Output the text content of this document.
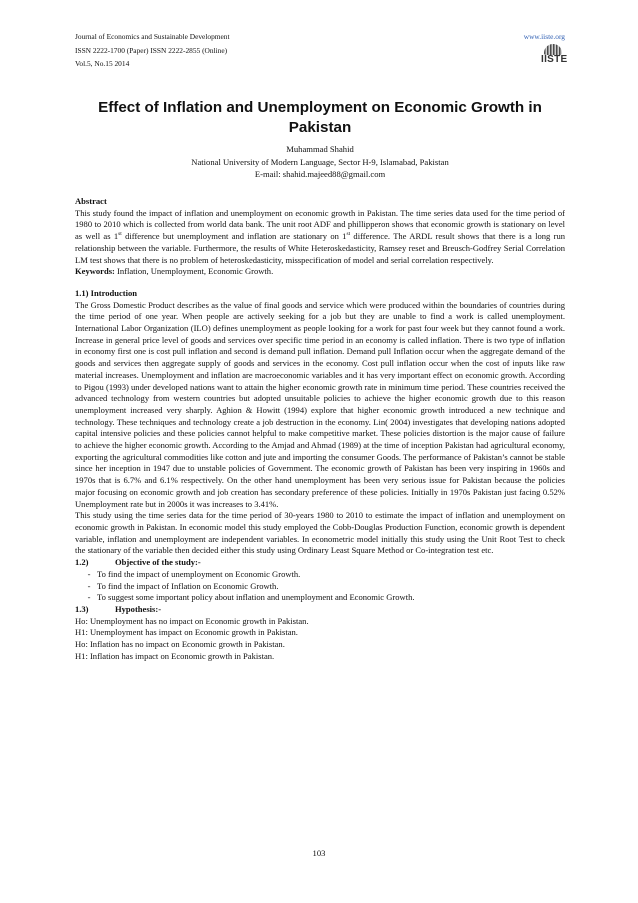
Journal of Economics and Sustainable Development
ISSN 2222-1700 (Paper) ISSN 2222-2855 (Online)
Vol.5, No.15 2014
www.iiste.org
IISTE
Effect of Inflation and Unemployment on Economic Growth in Pakistan
Muhammad Shahid
National University of Modern Language, Sector H-9, Islamabad, Pakistan
E-mail: shahid.majeed88@gmail.com

Abstract

This study found the impact of inflation and unemployment on economic growth in Pakistan. The time series data used for the time period of 1980 to 2010 which is collected from world data bank. The unit root ADF and phillipperon shows that economic growth is stationary on level as well as 1st difference but unemployment and inflation are stationary on 1st difference. The ARDL result shows that there is a long run relationship between the variable. Furthermore, the results of White Heteroskedasticity, Ramsey reset and Breusch-Godfrey Serial Correlation LM test shows that there is no problem of heteroskedasticity, misspecification of model and serial correlation respectively.

Keywords: Inflation, Unemployment, Economic Growth.

1.1) Introduction

The Gross Domestic Product describes as the value of final goods and service which were produced within the boundaries of countries during the time period of one year. When people are actively seeking for a job but they are unable to find a work is called unemployment. International Labor Organization (ILO) defines unemployment as people looking for a work for past four week but they cannot found a work. Increase in general price level of goods and services over specific time period in an economy is called inflation. There is two type of inflation in economy first one is cost pull inflation and second is demand pull inflation. Demand pull Inflation occur when the aggregate demand of the goods and services then aggregate supply of goods and services in the economy. Cost pull inflation occur when the cost of inputs like raw material increases. Unemployment and inflation are macroeconomic variables and it has very important effect on economic growth. According to Pigou (1993) under developed nations want to attain the higher economic growth rate in minimum time period. These countries received the advanced technology from western countries but adopted unsuitable policies to achieve the higher economic growth due to this reason unemployment increased very sharply. Aghion & Howitt (1994) explore that higher economic growth introduced a new technique and technology. These techniques and technology create a job destruction in the economy. Lin( 2004) investigates that developing nations adopted capital intensive policies and these policies cannot helpful to make competitive market. These policies distortion is the major cause of failure to achieve the higher economic growth. According to the Amjad and Ahmad (1989) at the time of inception Pakistan had agricultural economy, exporting the agricultural commodities like cotton and jute and importing the consumer Goods. The performance of Pakistan’s cannot be stable since her inception in 1947 due to unstable policies of Government. The economic growth of Pakistan has been very inspiring in 1960s and 1970s that is 6.7% and 6.1% respectively. On the other hand unemployment has been very serious issue for Pakistan because the policies major focusing on economic growth and job creation has secondary preference of these policies. Initially in 1970s Pakistan just facing 0.52% Unemployment rate but in 2000s it was increases to 3.41%.

This study using the time series data for the time period of 30-years 1980 to 2010 to estimate the impact of inflation and unemployment on economic growth in Pakistan. In economic model this study employed the Cobb-Douglas Production Function, economic growth is dependent variable, inflation and unemployment are independent variables. In econometric model initially this study using the Unit Root Test to check the stationary of the variable then decided either this study using Ordinary Least Square Method or Co-integration test etc.

1.2)	Objective of the study:-
- To find the impact of unemployment on Economic Growth.
- To find the impact of Inflation on Economic Growth.
- To suggest some important policy about inflation and unemployment and Economic Growth.
1.3)	Hypothesis:-

Ho: Unemployment has no impact on Economic growth in Pakistan.

H1: Unemployment has impact on Economic growth in Pakistan.

Ho: Inflation has no impact on Economic growth in Pakistan.

H1: Inflation has impact on Economic growth in Pakistan.

103
